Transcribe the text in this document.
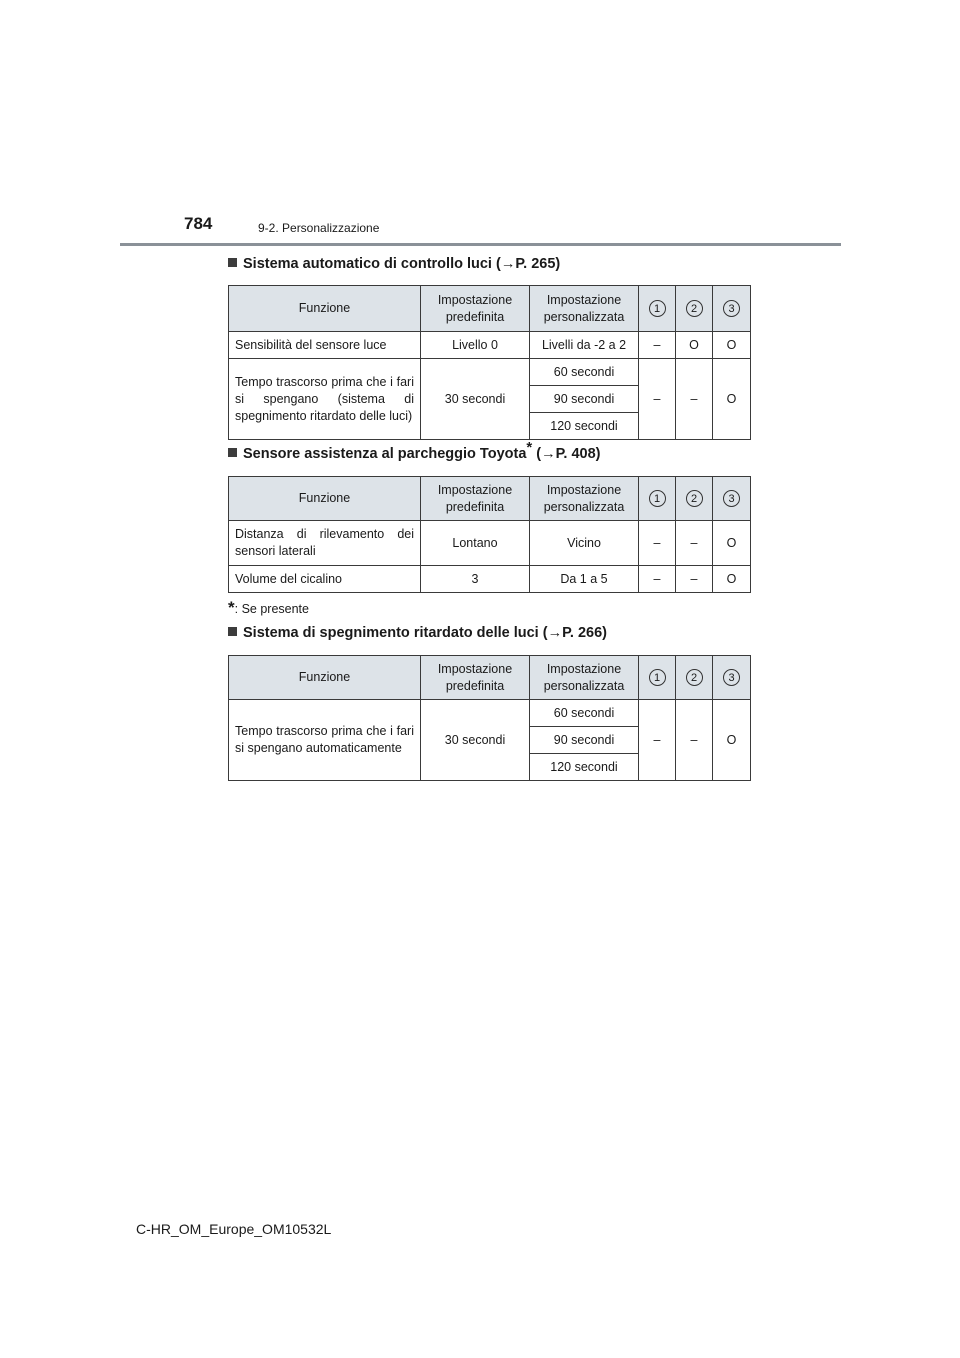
784	9-2. Personalizzazione
Sistema automatico di controllo luci (→P. 265)
Funzione	Impostazione predefinita	Impostazione personalizzata	1	2	3
Sensibilità del sensore luce	Livello 0	Livelli da -2 a 2	–	O	O
Tempo trascorso prima che i fari si spengano (sistema di spegnimento ritardato delle luci)	30 secondi	60 secondi	–	–	O
		90 secondi			
		120 secondi			
Sensore assistenza al parcheggio Toyota* (→P. 408)
Funzione	Impostazione predefinita	Impostazione personalizzata	1	2	3
Distanza di rilevamento dei sensori laterali	Lontano	Vicino	–	–	O
Volume del cicalino	3	Da 1 a 5	–	–	O
*: Se presente
Sistema di spegnimento ritardato delle luci (→P. 266)
Funzione	Impostazione predefinita	Impostazione personalizzata	1	2	3
Tempo trascorso prima che i fari si spengano automaticamente	30 secondi	60 secondi	–	–	O
		90 secondi			
		120 secondi			
C-HR_OM_Europe_OM10532L
